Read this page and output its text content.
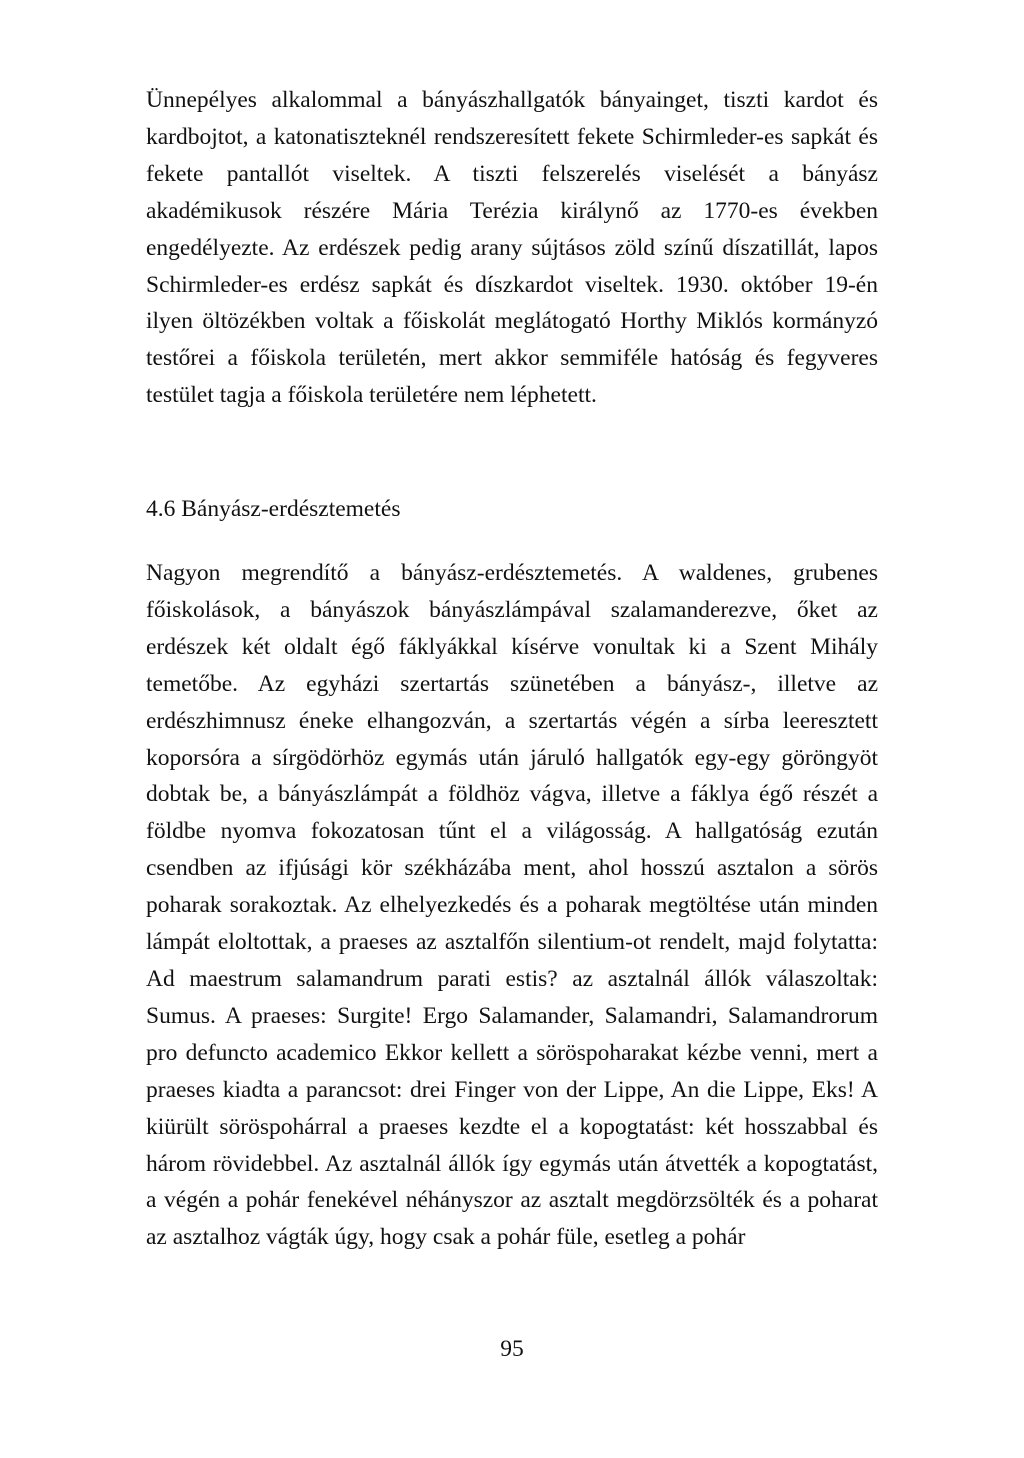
Ünnepélyes alkalommal a bányászhallgatók bányainget, tiszti kardot és kardbojtot, a katonatiszteknél rendszeresített fekete Schirmleder-es sapkát és fekete pantallót viseltek. A tiszti felszerelés viselését a bányász akadémikusok részére Mária Terézia királynő az 1770-es években engedélyezte. Az erdészek pedig arany sújtásos zöld színű díszatillát, lapos Schirmleder-es erdész sapkát és díszkardot viseltek. 1930. október 19-én ilyen öltözékben voltak a főiskolát meglátogató Horthy Miklós kormányzó testőrei a főiskola területén, mert akkor semmiféle hatóság és fegyveres testület tagja a főiskola területére nem léphetett.

4.6 Bányász-erdésztemetés

Nagyon megrendítő a bányász-erdésztemetés. A waldenes, grubenes főiskolások, a bányászok bányászlámpával szalamanderezve, őket az erdészek két oldalt égő fáklyákkal kísérve vonultak ki a Szent Mihály temetőbe. Az egyházi szertartás szünetében a bányász-, illetve az erdészhimnusz éneke elhangozván, a szertartás végén a sírba leeresztett koporsóra a sírgödörhöz egymás után járuló hallgatók egy-egy göröngyöt dobtak be, a bányászlámpát a földhöz vágva, illetve a fáklya égő részét a földbe nyomva fokozatosan tűnt el a világosság. A hallgatóság ezután csendben az ifjúsági kör székházába ment, ahol hosszú asztalon a sörös poharak sorakoztak. Az elhelyezkedés és a poharak megtöltése után minden lámpát eloltottak, a praeses az asztalfőn silentium-ot rendelt, majd folytatta: Ad maestrum salamandrum parati estis? az asztalnál állók válaszoltak: Sumus. A praeses: Surgite! Ergo Salamander, Salamandri, Salamandrorum pro defuncto academico Ekkor kellett a söröspoharakat kézbe venni, mert a praeses kiadta a parancsot: drei Finger von der Lippe, An die Lippe, Eks! A kiürült söröspohárral a praeses kezdte el a kopogtatást: két hosszabbal és három rövidebbel. Az asztalnál állók így egymás után átvették a kopogtatást, a végén a pohár fenekével néhányszor az asztalt megdörzsölték és a poharat az asztalhoz vágták úgy, hogy csak a pohár füle, esetleg a pohár

95
